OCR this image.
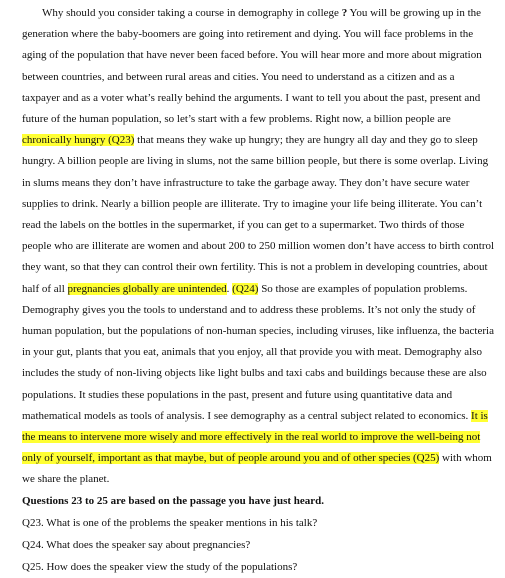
Why should you consider taking a course in demography in college ? You will be growing up in the generation where the baby-boomers are going into retirement and dying. You will face problems in the aging of the population that have never been faced before. You will hear more and more about migration between countries, and between rural areas and cities. You need to understand as a citizen and as a taxpayer and as a voter what’s really behind the arguments. I want to tell you about the past, present and future of the human population, so let’s start with a few problems. Right now, a billion people are chronically hungry (Q23) that means they wake up hungry; they are hungry all day and they go to sleep hungry. A billion people are living in slums, not the same billion people, but there is some overlap. Living in slums means they don’t have infrastructure to take the garbage away. They don’t have secure water supplies to drink. Nearly a billion people are illiterate. Try to imagine your life being illiterate. You can’t read the labels on the bottles in the supermarket, if you can get to a supermarket. Two thirds of those people who are illiterate are women and about 200 to 250 million women don’t have access to birth control they want, so that they can control their own fertility. This is not a problem in developing countries, about half of all pregnancies globally are unintended. (Q24) So those are examples of population problems. Demography gives you the tools to understand and to address these problems. It’s not only the study of human population, but the populations of non-human species, including viruses, like influenza, the bacteria in your gut, plants that you eat, animals that you enjoy, all that provide you with meat. Demography also includes the study of non-living objects like light bulbs and taxi cabs and buildings because these are also populations. It studies these populations in the past, present and future using quantitative data and mathematical models as tools of analysis. I see demography as a central subject related to economics. It is the means to intervene more wisely and more effectively in the real world to improve the well-being not only of yourself, important as that maybe, but of people around you and of other species (Q25) with whom we share the planet.

Questions 23 to 25 are based on the passage you have just heard.

Q23. What is one of the problems the speaker mentions in his talk?

Q24. What does the speaker say about pregnancies?

Q25. How does the speaker view the study of the populations?
